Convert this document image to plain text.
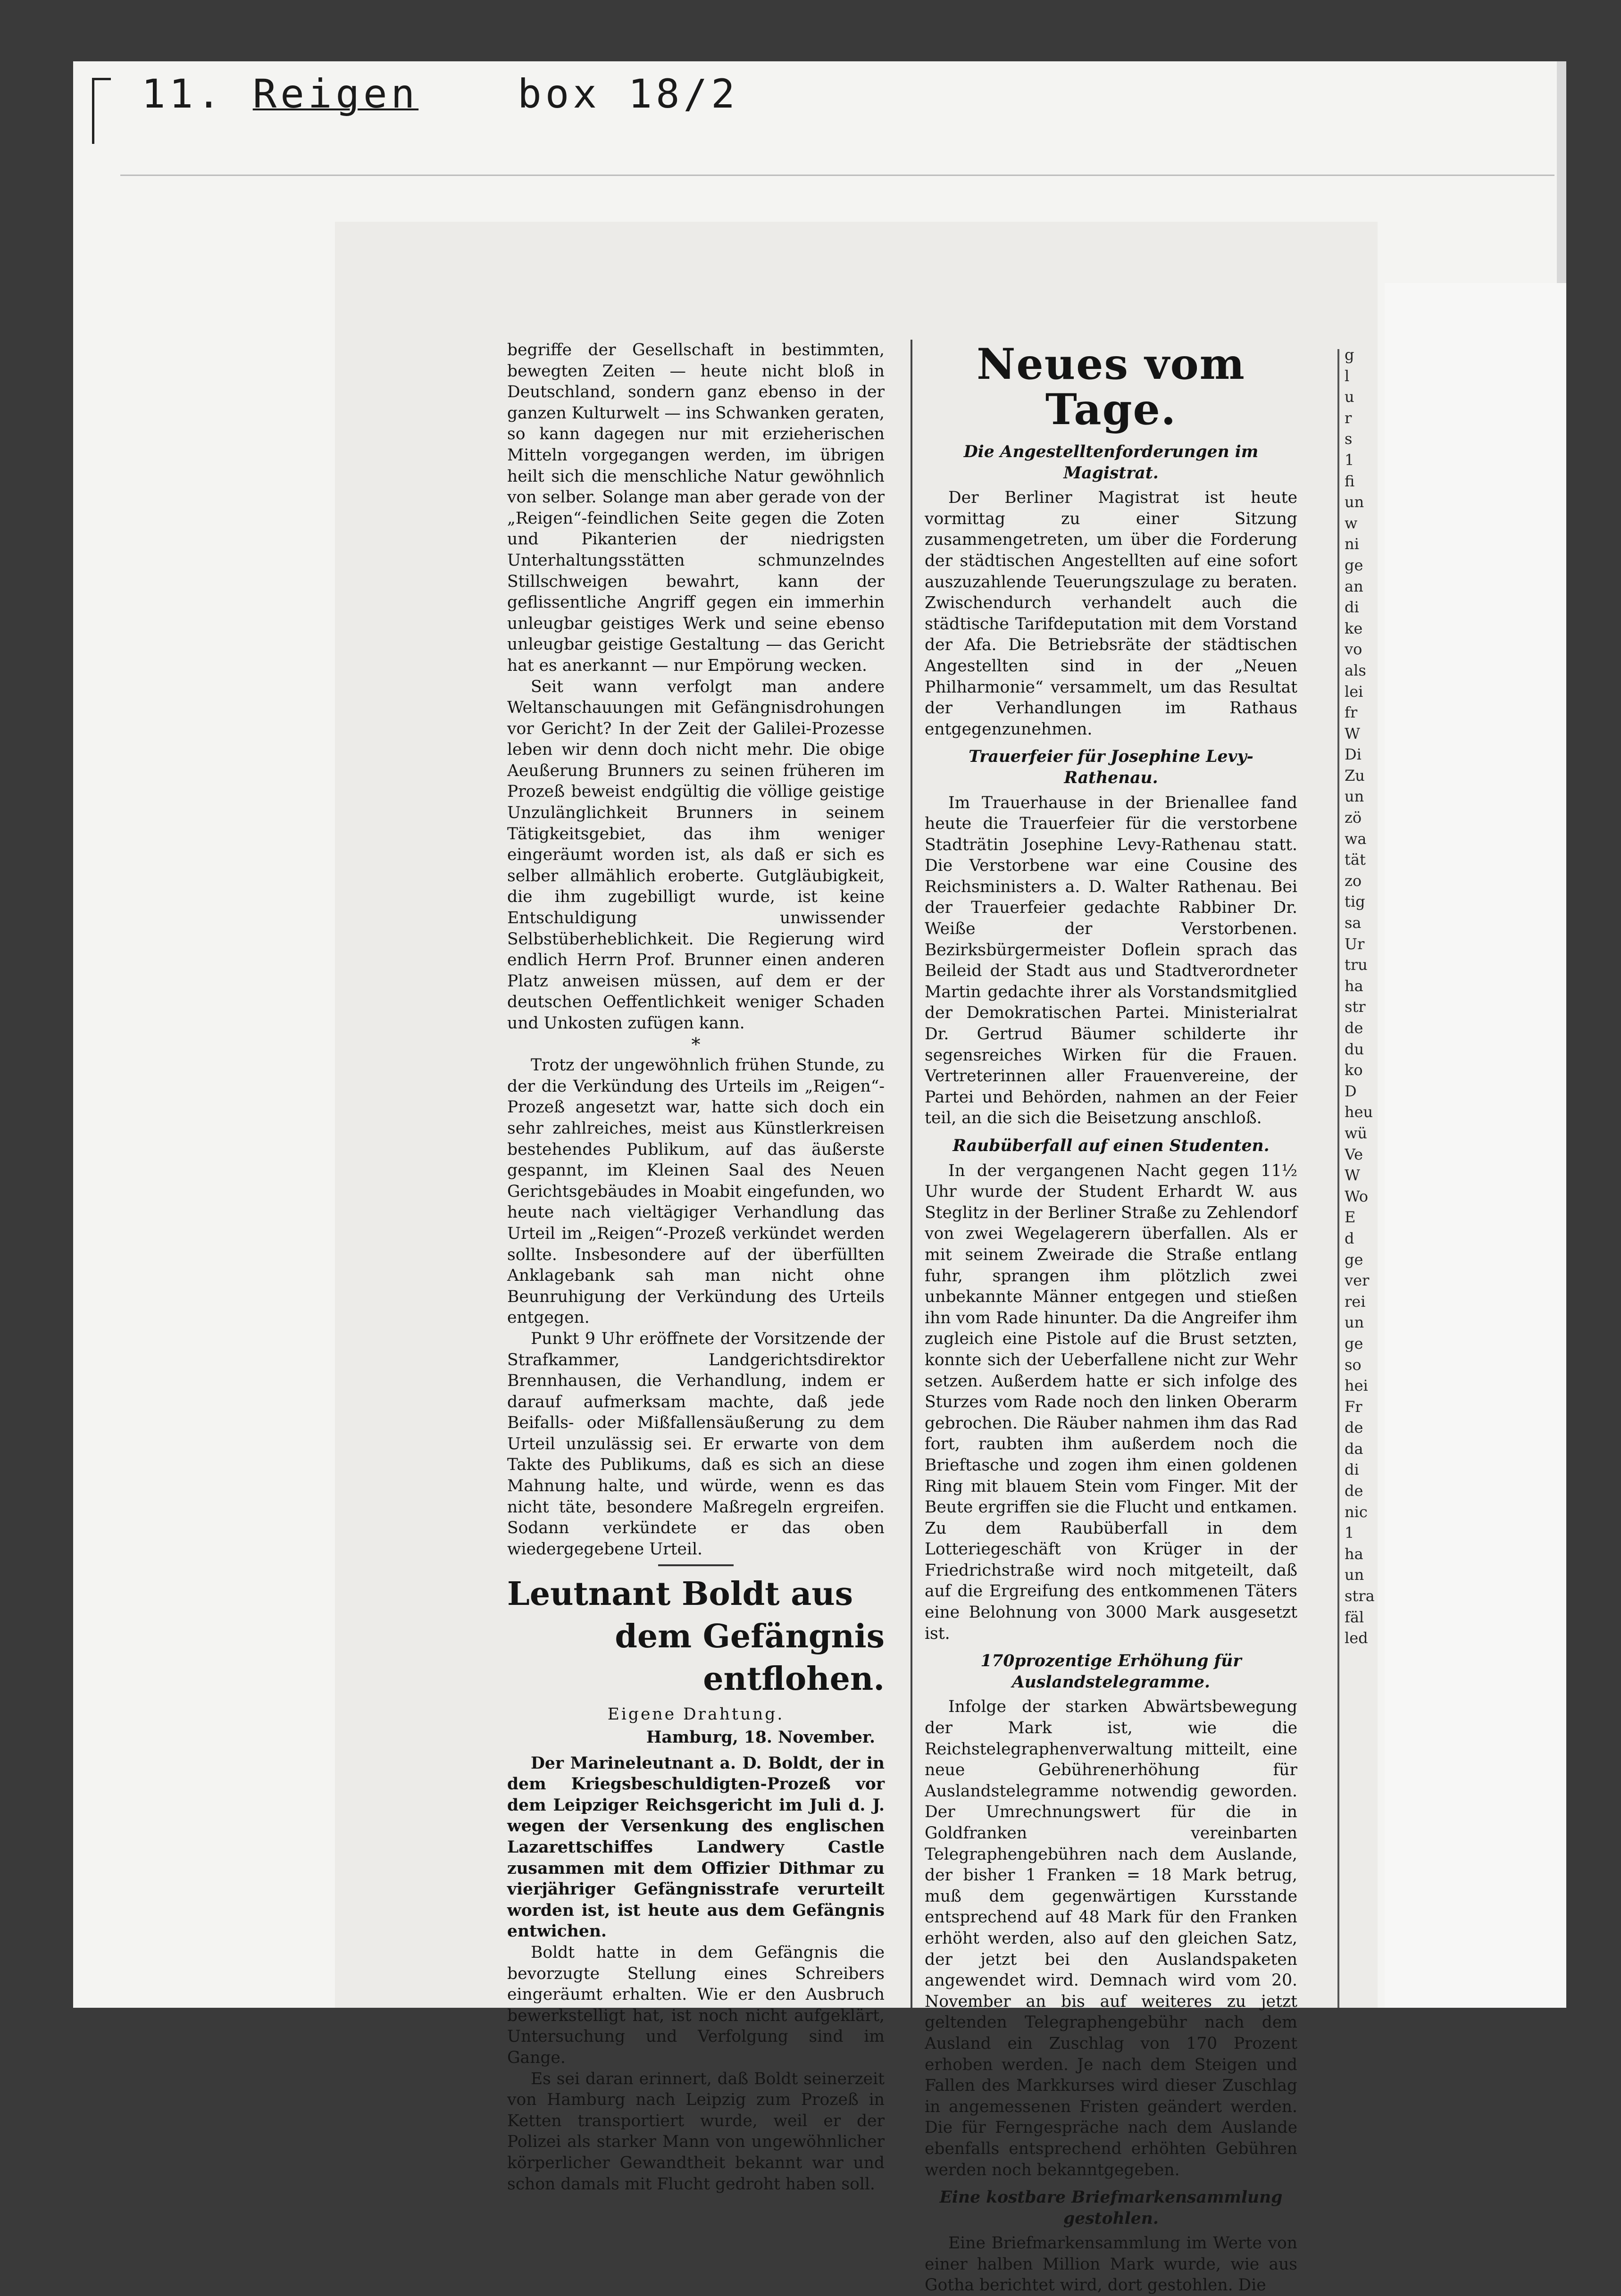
11. Reigen	box 18/2

begriffe der Gesellschaft in bestimmten, bewegten Zeiten — heute nicht bloß in Deutschland, sondern ganz ebenso in der ganzen Kulturwelt — ins Schwanken geraten, so kann dagegen nur mit erzieherischen Mitteln vorgegangen werden, im übrigen heilt sich die menschliche Natur gewöhnlich von selber. Solange man aber gerade von der „Reigen“-feindlichen Seite gegen die Zoten und Pikanterien der niedrigsten Unterhaltungsstätten schmunzelndes Stillschweigen bewahrt, kann der geflissentliche Angriff gegen ein immerhin unleugbar geistiges Werk und seine ebenso unleugbar geistige Gestaltung — das Gericht hat es anerkannt — nur Empörung wecken.

Seit wann verfolgt man andere Weltanschauungen mit Gefängnisdrohungen vor Gericht? In der Zeit der Galilei-Prozesse leben wir denn doch nicht mehr. Die obige Aeußerung Brunners zu seinen früheren im Prozeß beweist endgültig die völlige geistige Unzulänglichkeit Brunners in seinem Tätigkeitsgebiet, das ihm weniger eingeräumt worden ist, als daß er sich es selber allmählich eroberte. Gutgläubigkeit, die ihm zugebilligt wurde, ist keine Entschuldigung unwissender Selbstüberheblichkeit. Die Regierung wird endlich Herrn Prof. Brunner einen anderen Platz anweisen müssen, auf dem er der deutschen Oeffentlichkeit weniger Schaden und Unkosten zufügen kann.

*

Trotz der ungewöhnlich frühen Stunde, zu der die Verkündung des Urteils im „Reigen“-Prozeß angesetzt war, hatte sich doch ein sehr zahlreiches, meist aus Künstlerkreisen bestehendes Publikum, auf das äußerste gespannt, im Kleinen Saal des Neuen Gerichtsgebäudes in Moabit eingefunden, wo heute nach vieltägiger Verhandlung das Urteil im „Reigen“-Prozeß verkündet werden sollte. Insbesondere auf der überfüllten Anklagebank sah man nicht ohne Beunruhigung der Verkündung des Urteils entgegen.

Punkt 9 Uhr eröffnete der Vorsitzende der Strafkammer, Landgerichtsdirektor Brennhausen, die Verhandlung, indem er darauf aufmerksam machte, daß jede Beifalls- oder Mißfallensäußerung zu dem Urteil unzulässig sei. Er erwarte von dem Takte des Publikums, daß es sich an diese Mahnung halte, und würde, wenn es das nicht täte, besondere Maßregeln ergreifen. Sodann verkündete er das oben wiedergegebene Urteil.

Leutnant Boldt aus
dem Gefängnis entflohen.
Eigene Drahtung.
Hamburg, 18. November.

Der Marineleutnant a. D. Boldt, der in dem Kriegsbeschuldigten-Prozeß vor dem Leipziger Reichsgericht im Juli d. J. wegen der Versenkung des englischen Lazarettschiffes Landwery Castle zusammen mit dem Offizier Dithmar zu vierjähriger Gefängnisstrafe verurteilt worden ist, ist heute aus dem Gefängnis entwichen.

Boldt hatte in dem Gefängnis die bevorzugte Stellung eines Schreibers eingeräumt erhalten. Wie er den Ausbruch bewerkstelligt hat, ist noch nicht aufgeklärt, Untersuchung und Verfolgung sind im Gange.

Es sei daran erinnert, daß Boldt seinerzeit von Hamburg nach Leipzig zum Prozeß in Ketten transportiert wurde, weil er der Polizei als starker Mann von ungewöhnlicher körperlicher Gewandtheit bekannt war und schon damals mit Flucht gedroht haben soll.

Neues vom Tage.
Die Angestelltenforderungen im Magistrat.

Der Berliner Magistrat ist heute vormittag zu einer Sitzung zusammengetreten, um über die Forderung der städtischen Angestellten auf eine sofort auszuzahlende Teuerungszulage zu beraten. Zwischendurch verhandelt auch die städtische Tarifdeputation mit dem Vorstand der Afa. Die Betriebsräte der städtischen Angestellten sind in der „Neuen Philharmonie“ versammelt, um das Resultat der Verhandlungen im Rathaus entgegenzunehmen.

Trauerfeier für Josephine Levy-Rathenau.

Im Trauerhause in der Brienallee fand heute die Trauerfeier für die verstorbene Stadträtin Josephine Levy-Rathenau statt. Die Verstorbene war eine Cousine des Reichsministers a. D. Walter Rathenau. Bei der Trauerfeier gedachte Rabbiner Dr. Weiße der Verstorbenen. Bezirksbürgermeister Doflein sprach das Beileid der Stadt aus und Stadtverordneter Martin gedachte ihrer als Vorstandsmitglied der Demokratischen Partei. Ministerialrat Dr. Gertrud Bäumer schilderte ihr segensreiches Wirken für die Frauen. Vertreterinnen aller Frauenvereine, der Partei und Behörden, nahmen an der Feier teil, an die sich die Beisetzung anschloß.

Raubüberfall auf einen Studenten.

In der vergangenen Nacht gegen 11½ Uhr wurde der Student Erhardt W. aus Steglitz in der Berliner Straße zu Zehlendorf von zwei Wegelagerern überfallen. Als er mit seinem Zweirade die Straße entlang fuhr, sprangen ihm plötzlich zwei unbekannte Männer entgegen und stießen ihn vom Rade hinunter. Da die Angreifer ihm zugleich eine Pistole auf die Brust setzten, konnte sich der Ueberfallene nicht zur Wehr setzen. Außerdem hatte er sich infolge des Sturzes vom Rade noch den linken Oberarm gebrochen. Die Räuber nahmen ihm das Rad fort, raubten ihm außerdem noch die Brieftasche und zogen ihm einen goldenen Ring mit blauem Stein vom Finger. Mit der Beute ergriffen sie die Flucht und entkamen. Zu dem Raubüberfall in dem Lotteriegeschäft von Krüger in der Friedrichstraße wird noch mitgeteilt, daß auf die Ergreifung des entkommenen Täters eine Belohnung von 3000 Mark ausgesetzt ist.

170prozentige Erhöhung für Auslandstelegramme.

Infolge der starken Abwärtsbewegung der Mark ist, wie die Reichstelegraphenverwaltung mitteilt, eine neue Gebührenerhöhung für Auslandstelegramme notwendig geworden. Der Umrechnungswert für die in Goldfranken vereinbarten Telegraphengebühren nach dem Auslande, der bisher 1 Franken = 18 Mark betrug, muß dem gegenwärtigen Kursstande entsprechend auf 48 Mark für den Franken erhöht werden, also auf den gleichen Satz, der jetzt bei den Auslandspaketen angewendet wird. Demnach wird vom 20. November an bis auf weiteres zu jetzt geltenden Telegraphengebühr nach dem Ausland ein Zuschlag von 170 Prozent erhoben werden. Je nach dem Steigen und Fallen des Markkurses wird dieser Zuschlag in angemessenen Fristen geändert werden. Die für Ferngespräche nach dem Auslande ebenfalls entsprechend erhöhten Gebühren werden noch bekanntgegeben.

Eine kostbare Briefmarkensammlung gestohlen.

Eine Briefmarkensammlung im Werte von einer halben Million Mark wurde, wie aus Gotha berichtet wird, dort gestohlen. Die

g
l
u
r
s
1
fi
un
w
ni
ge
an
di
ke
vo
als
lei
fr
W
Di
Zu
un
zö
wa
tät
zo
tig
sa
Ur
tru
ha
str
de
du
ko
D
heu
wü
Ve
W
Wo
E
d
ge
ver
rei
un
ge
so
hei
Fr
de
da
di
de
nic
1
ha
un
stra
fäl
led
